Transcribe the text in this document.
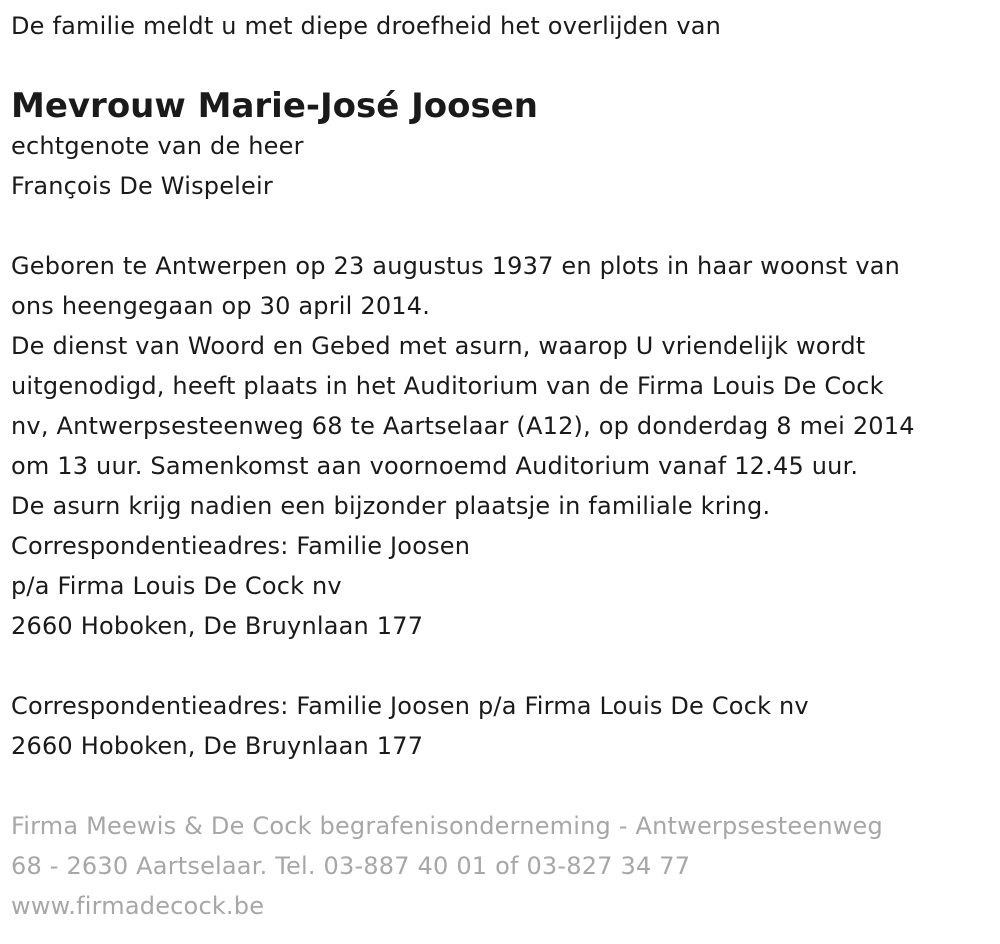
De familie meldt u met diepe droefheid het overlijden van
Mevrouw Marie-José Joosen
echtgenote van de heer
François De Wispeleir
Geboren te Antwerpen op 23 augustus 1937 en plots in haar woonst van
ons heengegaan op 30 april 2014.
De dienst van Woord en Gebed met asurn, waarop U vriendelijk wordt
uitgenodigd, heeft plaats in het Auditorium van de Firma Louis De Cock
nv, Antwerpsesteenweg 68 te Aartselaar (A12), op donderdag 8 mei 2014
om 13 uur. Samenkomst aan voornoemd Auditorium vanaf 12.45 uur.
De asurn krijg nadien een bijzonder plaatsje in familiale kring.
Correspondentieadres: Familie Joosen
p/a Firma Louis De Cock nv
2660 Hoboken, De Bruynlaan 177
Correspondentieadres: Familie Joosen p/a Firma Louis De Cock nv
2660 Hoboken, De Bruynlaan 177
Firma Meewis & De Cock begrafenisonderneming - Antwerpsesteenweg
68 - 2630 Aartselaar. Tel. 03-887 40 01 of 03-827 34 77
www.firmadecock.be
